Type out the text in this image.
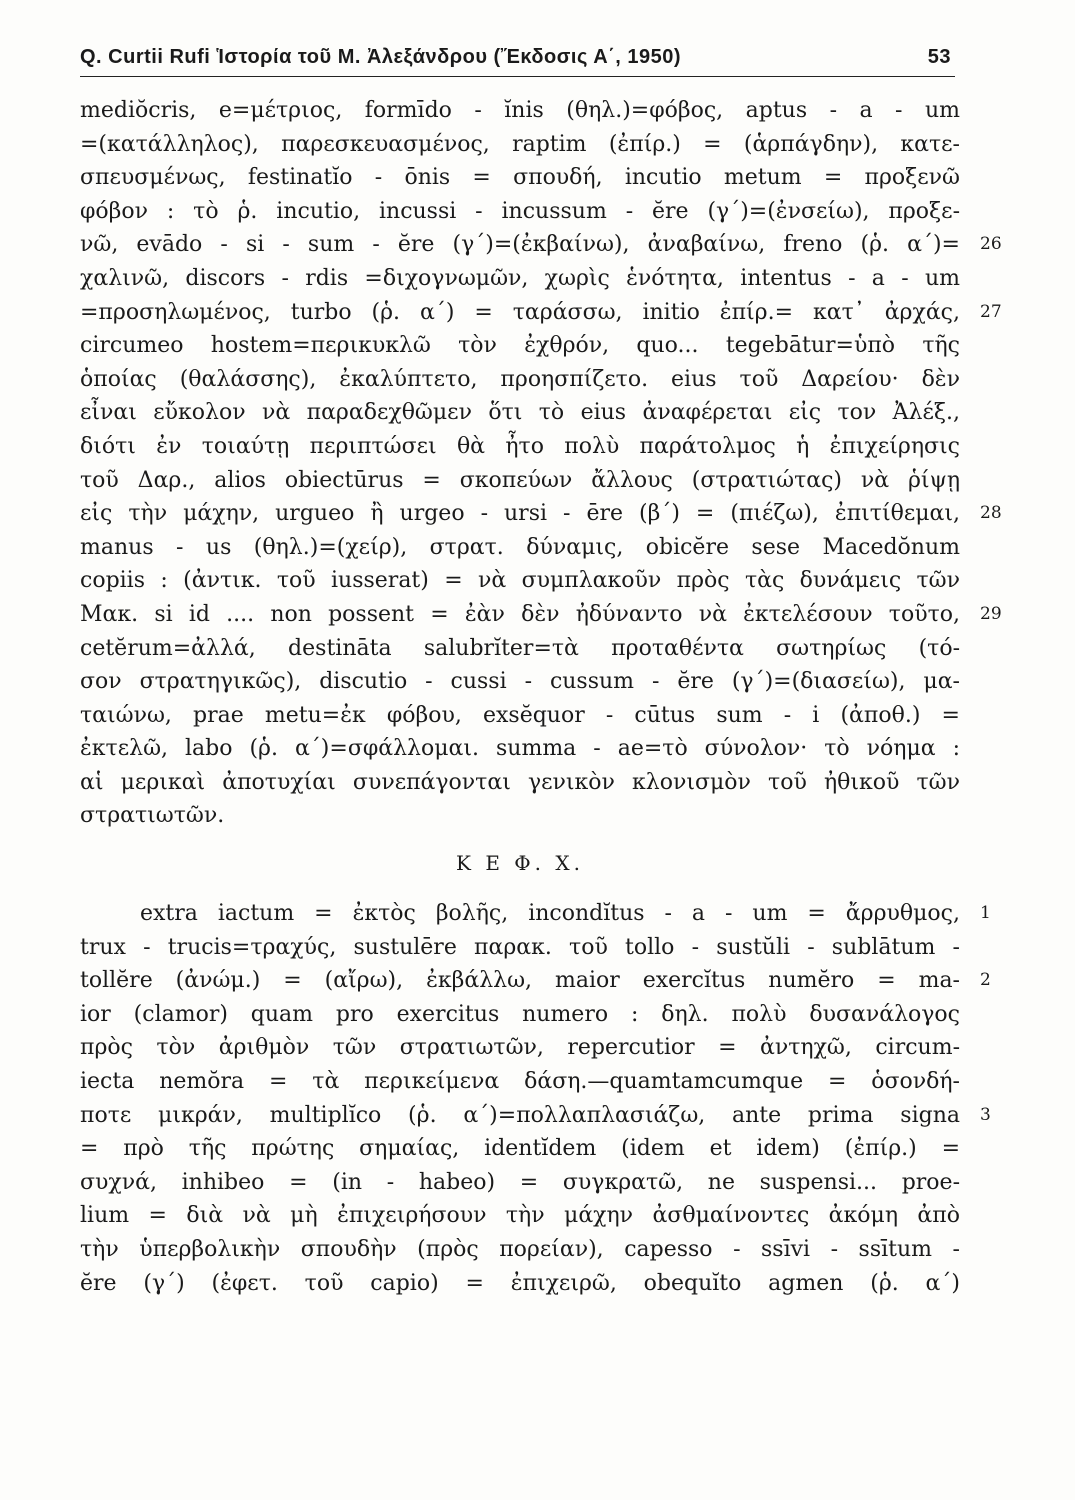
Q. Curtii Rufi Ἱστορία τοῦ Μ. Ἀλεξάνδρου (Ἔκδοσις Α΄, 1950)	53
mediŏcris, e=μέτριος, formīdo - ĭnis (θηλ.)=φόβος, aptus - a - um
=(κατάλληλος), παρεσκευασμένος, raptim (ἐπίρ.) = (ἁρπάγδην), κατε-
σπευσμένως, festinatĭo - ōnis = σπουδή, incutio metum = προξενῶ
φόβον : τὸ ῥ. incutio, incussi - incussum - ĕre (γ΄)=(ἐνσείω), προξε-
νῶ, evādo - si - sum - ĕre (γ΄)=(ἐκβαίνω), ἀναβαίνω, freno (ῥ. α΄)= 26
χαλινῶ, discors - rdis =διχογνωμῶν, χωρὶς ἑνότητα, intentus - a - um
=προσηλωμένος, turbo (ῥ. α΄) = ταράσσω, initio ἐπίρ.= κατ᾽ ἀρχάς, 27
circumeo hostem=περικυκλῶ τὸν ἐχθρόν, quo... tegebātur=ὑπὸ τῆς
ὁποίας (θαλάσσης), ἐκαλύπτετο, προησπίζετο. eius τοῦ Δαρείου· δὲν
εἶναι εὔκολον νὰ παραδεχθῶμεν ὅτι τὸ eius ἀναφέρεται εἰς τον Ἀλέξ.,
διότι ἐν τοιαύτῃ περιπτώσει θὰ ἦτο πολὺ παράτολμος ἡ ἐπιχείρησις
τοῦ Δαρ., alios obiectūrus = σκοπεύων ἄλλους (στρατιώτας) νὰ ῥίψῃ
εἰς τὴν μάχην, urgueo ἢ urgeo - ursi - ēre (β΄) = (πιέζω), ἐπιτίθεμαι, 28
manus - us (θηλ.)=(χείρ), στρατ. δύναμις, obicĕre sese Macedŏnum
copiis : (ἀντικ. τοῦ iusserat) = νὰ συμπλακοῦν πρὸς τὰς δυνάμεις τῶν
Μακ. si id .... non possent = ἐὰν δὲν ἠδύναντο νὰ ἐκτελέσουν τοῦτο, 29
cetĕrum=ἀλλά, destināta salubrĭter=τὰ προταθέντα σωτηρίως (τό-
σον στρατηγικῶς), discutio - cussi - cussum - ĕre (γ΄)=(διασείω), μα-
ταιώνω, prae metu=ἐκ φόβου, exsĕquor - cūtus sum - i (ἀποθ.) =
ἐκτελῶ, labo (ῥ. α΄)=σφάλλομαι. summa - ae=τὸ σύνολον· τὸ νόημα :
αἱ μερικαὶ ἀποτυχίαι συνεπάγονται γενικὸν κλονισμὸν τοῦ ἠθικοῦ τῶν
στρατιωτῶν.
Κ Ε Φ. Χ.
extra iactum = ἐκτὸς βολῆς, incondĭtus - a - um = ἄρρυθμος, 1
trux - trucis=τραχύς, sustulēre παρακ. τοῦ tollo - sustŭli - sublātum -
tollĕre (ἀνώμ.) = (αἴρω), ἐκβάλλω, maior exercĭtus numĕro = ma- 2
ior (clamor) quam pro exercitus numero : δηλ. πολὺ δυσανάλογος
πρὸς τὸν ἀριθμὸν τῶν στρατιωτῶν, repercutior = ἀντηχῶ, circum-
iecta nemŏra = τὰ περικείμενα δάση.—quamtamcumque = ὁσονδή-
ποτε μικράν, multiplĭco (ῥ. α΄)=πολλαπλασιάζω, ante prima signa 3
= πρὸ τῆς πρώτης σημαίας, identĭdem (idem et idem) (ἐπίρ.) =
συχνά, inhibeo = (in - habeo) = συγκρατῶ, ne suspensi... proe-
lium = διὰ νὰ μὴ ἐπιχειρήσουν τὴν μάχην ἀσθμαίνοντες ἀκόμη ἀπὸ
τὴν ὑπερβολικὴν σπουδὴν (πρὸς πορείαν), capesso - ssīvi - ssītum -
ĕre (γ΄) (ἐφετ. τοῦ capio) = ἐπιχειρῶ, obequĭto agmen (ῥ. α΄)
